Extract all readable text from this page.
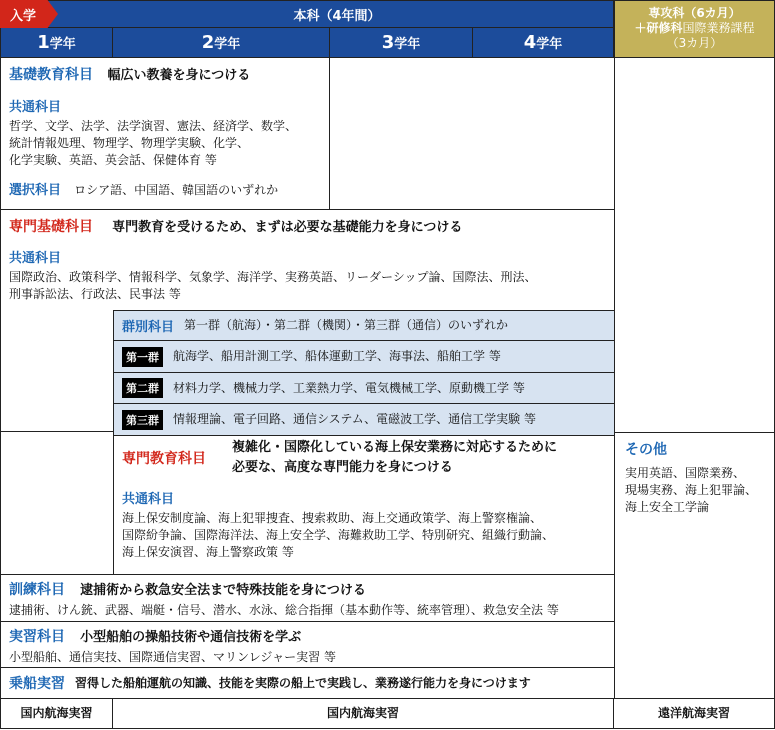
入学	本科（4年間）	専攻科（6カ月）
＋研修科国際業務課程
（3カ月）
1 学年	2 学年	3 学年	4 学年
基礎教育科目 幅広い教養を身につける
共通科目
哲学、文学、法学、法学演習、憲法、経済学、数学、
統計情報処理、物理学、物理学実験、化学、
化学実験、英語、英会話、保健体育 等
選択科目 ロシア語、中国語、韓国語のいずれか
専門基礎科目 専門教育を受けるため、まずは必要な基礎能力を身につける
共通科目
国際政治、政策科学、情報科学、気象学、海洋学、実務英語、リーダーシップ論、国際法、刑法、
刑事訴訟法、行政法、民事法 等
群別科目 第一群（航海）・第二群（機関）・第三群（通信）のいずれか
第一群	航海学、船用計測工学、船体運動工学、海事法、船舶工学 等
第二群	材料力学、機械力学、工業熱力学、電気機械工学、原動機工学 等
第三群	情報理論、電子回路、通信システム、電磁波工学、通信工学実験 等
専門教育科目
複雑化・国際化している海上保安業務に対応するために
必要な、高度な専門能力を身につける
共通科目
海上保安制度論、海上犯罪捜査、捜索救助、海上交通政策学、海上警察権論、
国際紛争論、国際海洋法、海上安全学、海難救助工学、特別研究、組織行動論、
海上保安演習、海上警察政策 等
その他
実用英語、国際業務、
現場実務、海上犯罪論、
海上安全工学論
訓練科目 逮捕術から救急安全法まで特殊技能を身につける
逮捕術、けん銃、武器、端艇・信号、潜水、水泳、総合指揮（基本動作等、統率管理）、救急安全法 等
実習科目 小型船舶の操船技術や通信技術を学ぶ
小型船舶、通信実技、国際通信実習、マリンレジャー実習 等
乗船実習 習得した船舶運航の知識、技能を実際の船上で実践し、業務遂行能力を身につけます
国内航海実習	国内航海実習	遠洋航海実習
